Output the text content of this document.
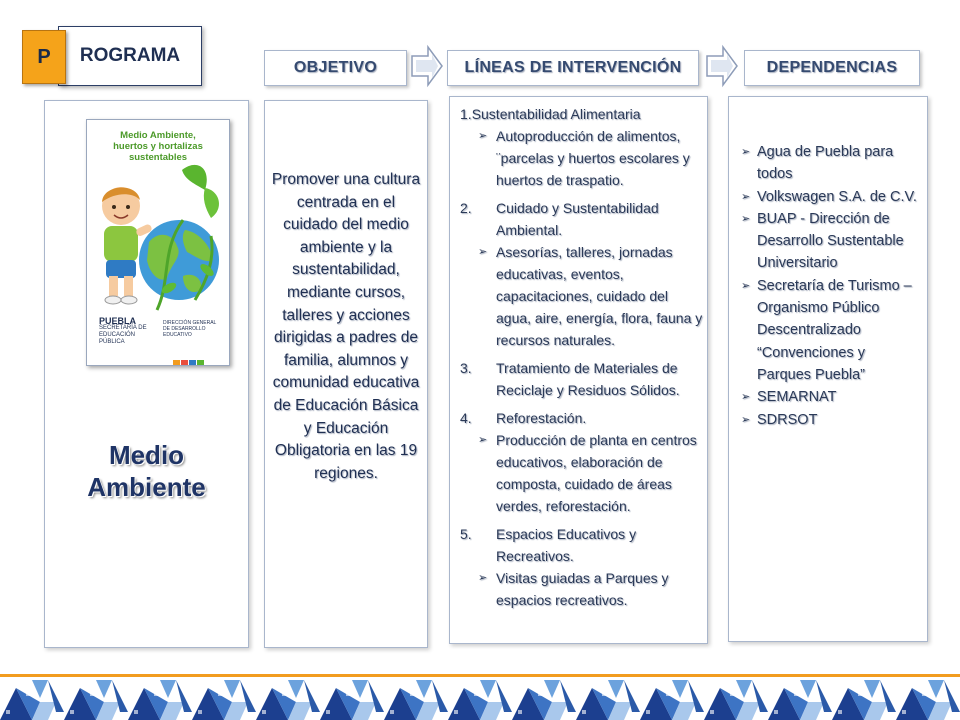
ROGRAMA
P	OBJETIVO	LÍNEAS DE INTERVENCIÓN	DEPENDENCIAS
Medio Ambiente,
huertos y hortalizas
sustentables
PUEBLA
SECRETARÍA DE EDUCACIÓN PÚBLICA
DIRECCIÓN GENERAL DE DESARROLLO EDUCATIVO
Medio
Ambiente
Promover una cultura centrada en el cuidado del medio ambiente y la sustentabilidad, mediante cursos, talleres y acciones dirigidas a padres de familia, alumnos y comunidad educativa de Educación Básica y Educación Obligatoria en las 19 regiones.
1.Sustentabilidad Alimentaria
➢ Autoproducción de alimentos, ¨parcelas y huertos escolares y huertos de traspatio.
2. Cuidado y Sustentabilidad Ambiental.
➢ Asesorías, talleres, jornadas educativas, eventos, capacitaciones, cuidado del agua, aire, energía, flora, fauna y recursos naturales.
3. Tratamiento de Materiales de Reciclaje y Residuos Sólidos.
4. Reforestación.
➢ Producción de planta en centros educativos, elaboración de composta, cuidado de áreas verdes, reforestación.
5. Espacios Educativos y Recreativos.
➢ Visitas guiadas a Parques y espacios recreativos.
➢ Agua de Puebla para todos
➢ Volkswagen S.A. de C.V.
➢ BUAP - Dirección de Desarrollo Sustentable Universitario
➢ Secretaría de Turismo – Organismo Público Descentralizado “Convenciones y Parques Puebla”
➢ SEMARNAT
➢ SDRSOT
